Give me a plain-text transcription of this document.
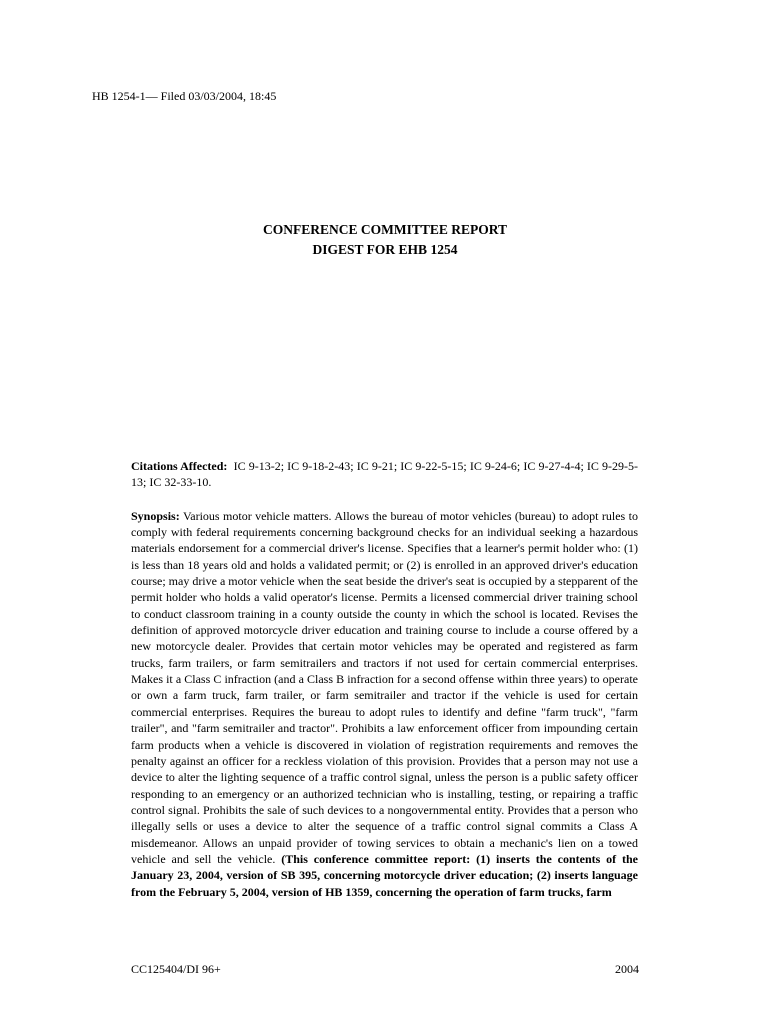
HB 1254-1— Filed 03/03/2004, 18:45
CONFERENCE COMMITTEE REPORT
DIGEST FOR EHB 1254

Citations Affected: IC 9-13-2; IC 9-18-2-43; IC 9-21; IC 9-22-5-15; IC 9-24-6; IC 9-27-4-4; IC 9-29-5-13; IC 32-33-10.

Synopsis: Various motor vehicle matters. Allows the bureau of motor vehicles (bureau) to adopt rules to comply with federal requirements concerning background checks for an individual seeking a hazardous materials endorsement for a commercial driver's license. Specifies that a learner's permit holder who: (1) is less than 18 years old and holds a validated permit; or (2) is enrolled in an approved driver's education course; may drive a motor vehicle when the seat beside the driver's seat is occupied by a stepparent of the permit holder who holds a valid operator's license. Permits a licensed commercial driver training school to conduct classroom training in a county outside the county in which the school is located. Revises the definition of approved motorcycle driver education and training course to include a course offered by a new motorcycle dealer. Provides that certain motor vehicles may be operated and registered as farm trucks, farm trailers, or farm semitrailers and tractors if not used for certain commercial enterprises. Makes it a Class C infraction (and a Class B infraction for a second offense within three years) to operate or own a farm truck, farm trailer, or farm semitrailer and tractor if the vehicle is used for certain commercial enterprises. Requires the bureau to adopt rules to identify and define "farm truck", "farm trailer", and "farm semitrailer and tractor". Prohibits a law enforcement officer from impounding certain farm products when a vehicle is discovered in violation of registration requirements and removes the penalty against an officer for a reckless violation of this provision. Provides that a person may not use a device to alter the lighting sequence of a traffic control signal, unless the person is a public safety officer responding to an emergency or an authorized technician who is installing, testing, or repairing a traffic control signal. Prohibits the sale of such devices to a nongovernmental entity. Provides that a person who illegally sells or uses a device to alter the sequence of a traffic control signal commits a Class A misdemeanor. Allows an unpaid provider of towing services to obtain a mechanic's lien on a towed vehicle and sell the vehicle. (This conference committee report: (1) inserts the contents of the January 23, 2004, version of SB 395, concerning motorcycle driver education; (2) inserts language from the February 5, 2004, version of HB 1359, concerning the operation of farm trucks, farm

CC125404/DI 96+	2004
